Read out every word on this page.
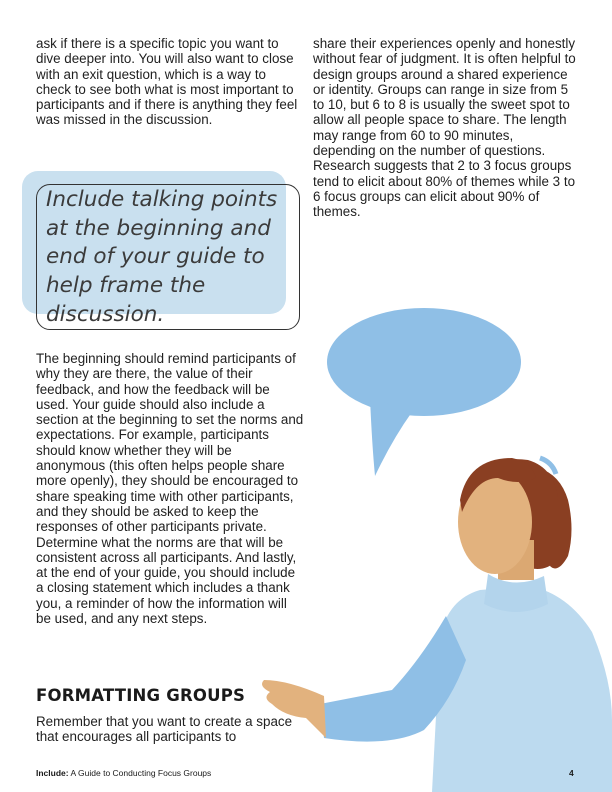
ask if there is a specific topic you want to dive deeper into. You will also want to close with an exit question, which is a way to check to see both what is most important to participants and if there is anything they feel was missed in the discussion.

share their experiences openly and honestly without fear of judgment. It is often helpful to design groups around a shared experience or identity. Groups can range in size from 5 to 10, but 6 to 8 is usually the sweet spot to allow all people space to share. The length may range from 60 to 90 minutes, depending on the number of questions. Research suggests that 2 to 3 focus groups tend to elicit about 80% of themes while 3 to 6 focus groups can elicit about 90% of themes.

Include talking points at the beginning and end of your guide to help frame the discussion.

The beginning should remind participants of why they are there, the value of their feedback, and how the feedback will be used. Your guide should also include a section at the beginning to set the norms and expectations. For example, participants should know whether they will be anonymous (this often helps people share more openly), they should be encouraged to share speaking time with other participants, and they should be asked to keep the responses of other participants private. Determine what the norms are that will be consistent across all participants. And lastly, at the end of your guide, you should include a closing statement which includes a thank you, a reminder of how the information will be used, and any next steps.

FORMATTING GROUPS

Remember that you want to create a space that encourages all participants to

Include: A Guide to Conducting Focus Groups	4
